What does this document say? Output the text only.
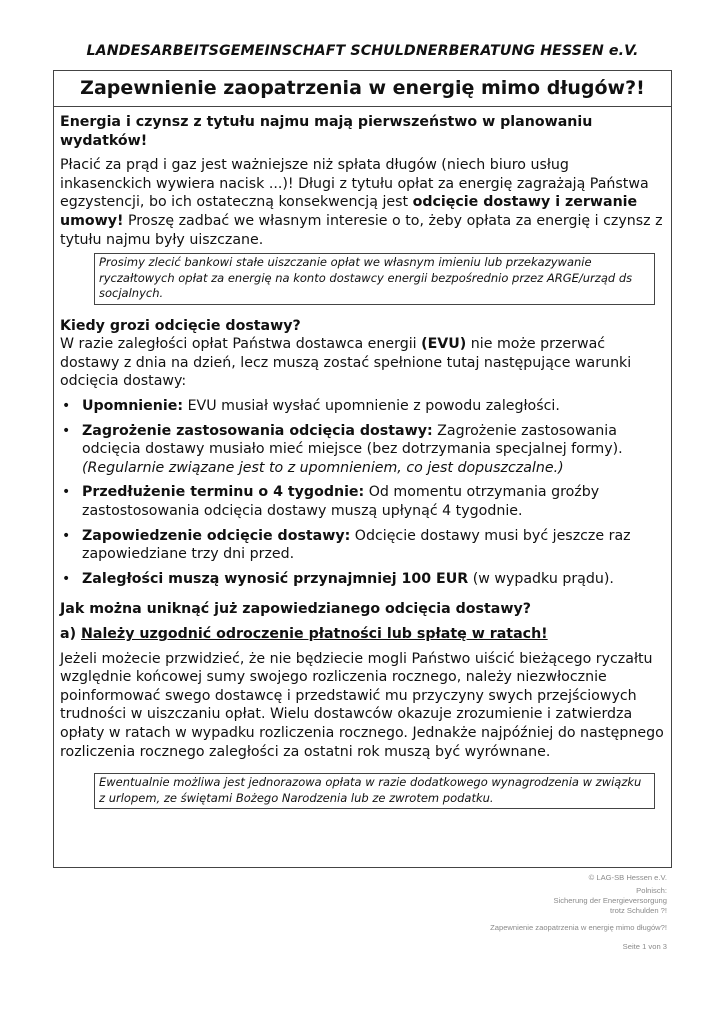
LANDESARBEITSGEMEINSCHAFT SCHULDNERBERATUNG HESSEN e.V.
Zapewnienie zaopatrzenia w energię mimo długów?!

Energia i czynsz z tytułu najmu mają pierwszeństwo w planowaniu wydatków!

Płacić za prąd i gaz jest ważniejsze niż spłata długów (niech biuro usług inkasenckich wywiera nacisk ...)! Długi z tytułu opłat za energię zagrażają Państwa egzystencji, bo ich ostateczną konsekwencją jest odcięcie dostawy i zerwanie umowy! Proszę zadbać we własnym interesie o to, żeby opłata za energię i czynsz z tytułu najmu były uiszczane.

Prosimy zlecić bankowi stałe uiszczanie opłat we własnym imieniu lub przekazywanie ryczałtowych opłat za energię na konto dostawcy energii bezpośrednio przez ARGE/urząd ds socjalnych.

Kiedy grozi odcięcie dostawy?

W razie zaległości opłat Państwa dostawca energii (EVU) nie może przerwać dostawy z dnia na dzień, lecz muszą zostać spełnione tutaj następujące warunki odcięcia dostawy:

• Upomnienie: EVU musiał wysłać upomnienie z powodu zaległości.
• Zagrożenie zastosowania odcięcia dostawy: Zagrożenie zastosowania odcięcia dostawy musiało mieć miejsce (bez dotrzymania specjalnej formy). (Regularnie związane jest to z upomnieniem, co jest dopuszczalne.)
• Przedłużenie terminu o 4 tygodnie: Od momentu otrzymania groźby zastostosowania odcięcia dostawy muszą upłynąć 4 tygodnie.
• Zapowiedzenie odcięcie dostawy: Odcięcie dostawy musi być jeszcze raz zapowiedziane trzy dni przed.
• Zaległości muszą wynosić przynajmniej 100 EUR (w wypadku prądu).

Jak można uniknąć już zapowiedzianego odcięcia dostawy?

a) Należy uzgodnić odroczenie płatności lub spłatę w ratach!

Jeżeli możecie przwidzieć, że nie będziecie mogli Państwo uiścić bieżącego ryczałtu względnie końcowej sumy swojego rozliczenia rocznego, należy niezwłocznie poinformować swego dostawcę i przedstawić mu przyczyny swych przejściowych trudności w uiszczaniu opłat. Wielu dostawców okazuje zrozumienie i zatwierdza opłaty w ratach w wypadku rozliczenia rocznego. Jednakże najpóźniej do następnego rozliczenia rocznego zaległości za ostatni rok muszą być wyrównane.

Ewentualnie możliwa jest jednorazowa opłata w razie dodatkowego wynagrodzenia w związku z urlopem, ze świętami Bożego Narodzenia lub ze zwrotem podatku.
© LAG-SB Hessen e.V.
Polnisch:
Sicherung der Energieversorgung
trotz Schulden ?!
Zapewnienie zaopatrzenia w energię mimo długów?!
Seite 1 von 3
